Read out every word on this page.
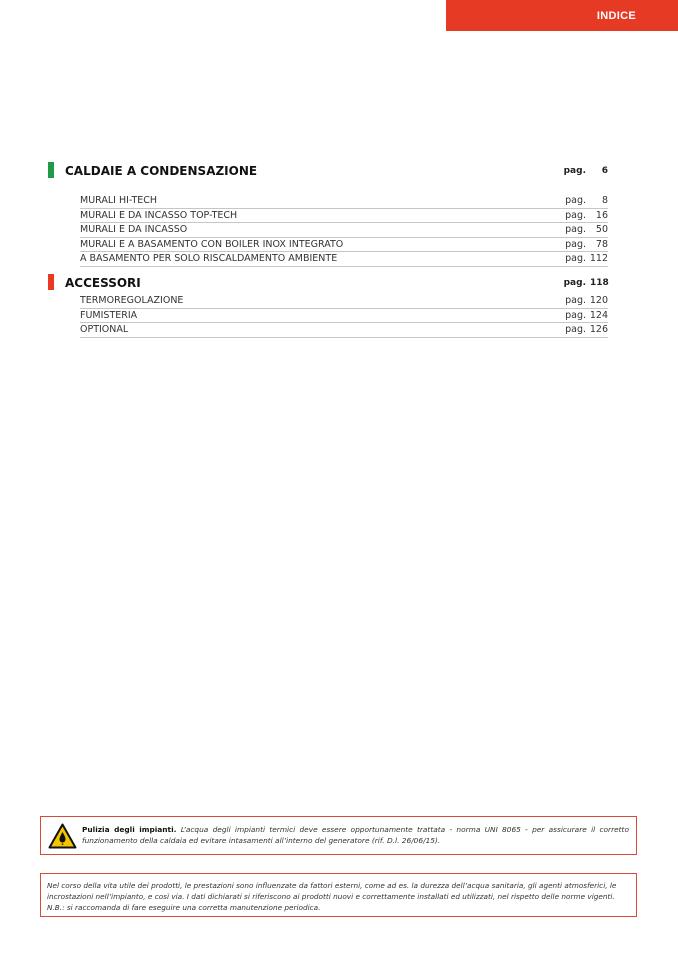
INDICE
CALDAIE A CONDENSAZIONE	pag. 6
MURALI HI-TECH	pag. 8
MURALI E DA INCASSO TOP-TECH	pag. 16
MURALI E DA INCASSO	pag. 50
MURALI E A BASAMENTO CON BOILER INOX INTEGRATO	pag. 78
A BASAMENTO PER SOLO RISCALDAMENTO AMBIENTE	pag. 112
ACCESSORI	pag. 118
TERMOREGOLAZIONE	pag. 120
FUMISTERIA	pag. 124
OPTIONAL	pag. 126
Pulizia degli impianti. L’acqua degli impianti termici deve essere opportunamente trattata - norma UNI 8065 - per assicurare il corretto funzionamento della caldaia ed evitare intasamenti all’interno del generatore (rif. D.l. 26/06/15).
Nel corso della vita utile dei prodotti, le prestazioni sono influenzate da fattori esterni, come ad es. la durezza dell’acqua sanitaria, gli agenti atmosferici, le
incrostazioni nell’impianto, e così via. I dati dichiarati si riferiscono ai prodotti nuovi e correttamente installati ed utilizzati, nel rispetto delle norme vigenti.
N.B.: si raccomanda di fare eseguire una corretta manutenzione periodica.
